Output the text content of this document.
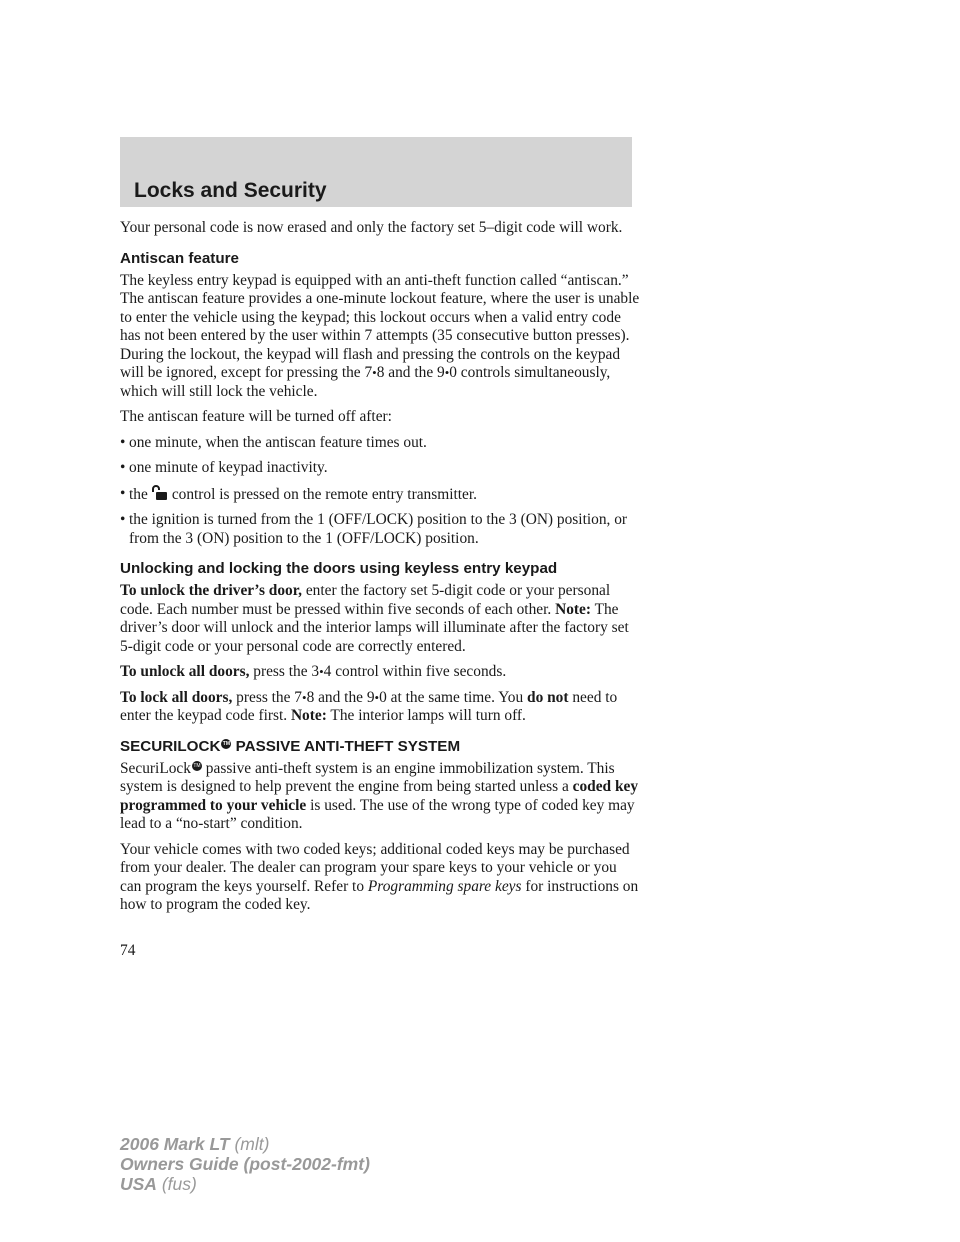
Locks and Security

Your personal code is now erased and only the factory set 5–digit code will work.

Antiscan feature

The keyless entry keypad is equipped with an anti-theft function called “antiscan.” The antiscan feature provides a one-minute lockout feature, where the user is unable to enter the vehicle using the keypad; this lockout occurs when a valid entry code has not been entered by the user within 7 attempts (35 consecutive button presses). During the lockout, the keypad will flash and pressing the controls on the keypad will be ignored, except for pressing the 7•8 and the 9•0 controls simultaneously, which will still lock the vehicle.

The antiscan feature will be turned off after:

• one minute, when the antiscan feature times out.
• one minute of keypad inactivity.
• the control is pressed on the remote entry transmitter.
• the ignition is turned from the 1 (OFF/LOCK) position to the 3 (ON) position, or from the 3 (ON) position to the 1 (OFF/LOCK) position.
Unlocking and locking the doors using keyless entry keypad

To unlock the driver’s door, enter the factory set 5-digit code or your personal code. Each number must be pressed within five seconds of each other. Note: The driver’s door will unlock and the interior lamps will illuminate after the factory set 5-digit code or your personal code are correctly entered.

To unlock all doors, press the 3•4 control within five seconds.

To lock all doors, press the 7•8 and the 9•0 at the same time. You do not need to enter the keypad code first. Note: The interior lamps will turn off.

SECURILOCK TM PASSIVE ANTI-THEFT SYSTEM

SecuriLock TM passive anti-theft system is an engine immobilization system. This system is designed to help prevent the engine from being started unless a coded key programmed to your vehicle is used. The use of the wrong type of coded key may lead to a “no-start” condition.

Your vehicle comes with two coded keys; additional coded keys may be purchased from your dealer. The dealer can program your spare keys to your vehicle or you can program the keys yourself. Refer to Programming spare keys for instructions on how to program the coded key.

74

2006 Mark LT (mlt)
Owners Guide (post-2002-fmt)
USA (fus)
